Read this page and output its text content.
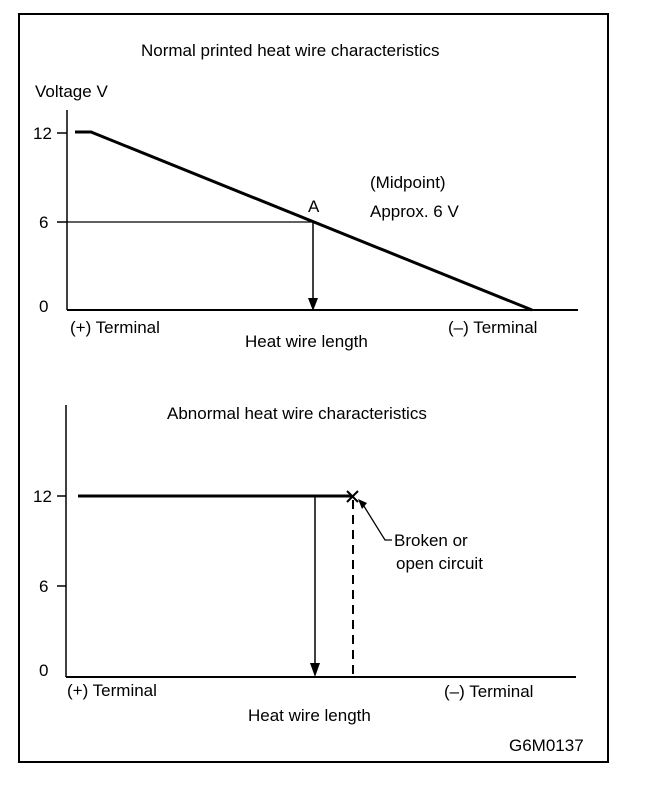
Normal printed heat wire characteristics
Voltage V
12
6
0
A
(Midpoint)
Approx. 6 V
(+) Terminal	(–) Terminal
Heat wire length
Abnormal heat wire characteristics
12
6
0
Broken or
open circuit
(+) Terminal	(–) Terminal
Heat wire length
G6M0137
